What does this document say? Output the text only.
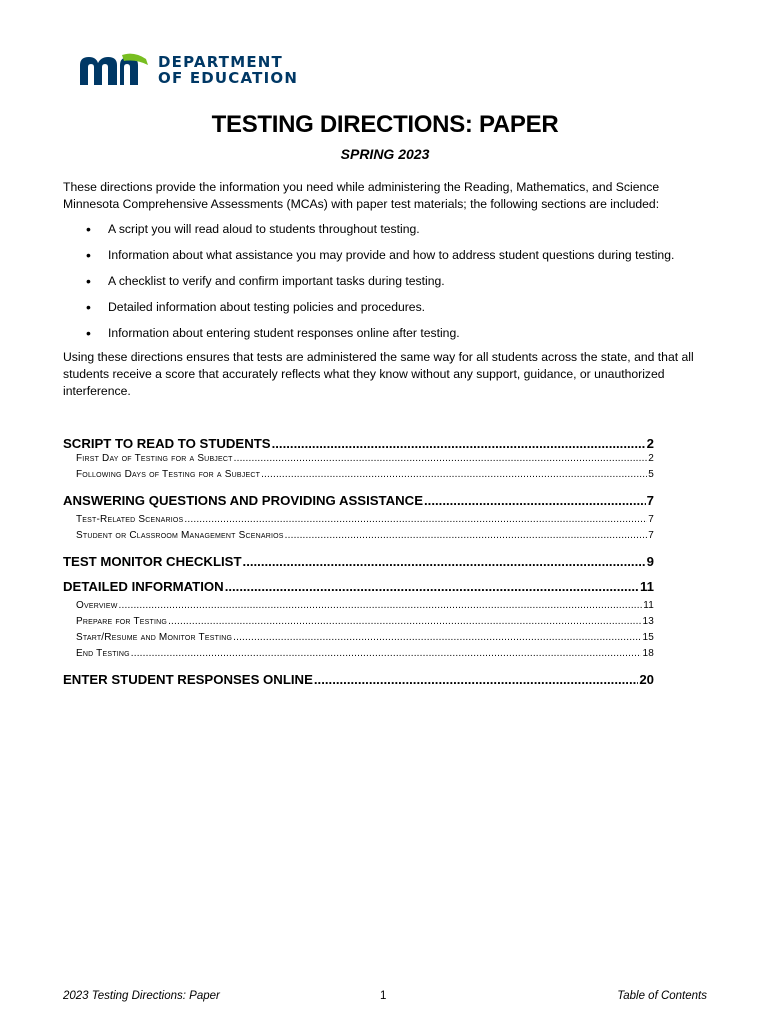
DEPARTMENT
OF EDUCATION
TESTING DIRECTIONS: PAPER
SPRING 2023
These directions provide the information you need while administering the Reading, Mathematics, and Science Minnesota Comprehensive Assessments (MCAs) with paper test materials; the following sections are included:
• A script you will read aloud to students throughout testing.
• Information about what assistance you may provide and how to address student questions during testing.
• A checklist to verify and confirm important tasks during testing.
• Detailed information about testing policies and procedures.
• Information about entering student responses online after testing.
Using these directions ensures that tests are administered the same way for all students across the state, and that all students receive a score that accurately reflects what they know without any support, guidance, or unauthorized interference.
SCRIPT TO READ TO STUDENTS .....	2
First Day of Testing for a Subject .....	2
Following Days of Testing for a Subject .....	5
ANSWERING QUESTIONS AND PROVIDING ASSISTANCE .....	7
Test-Related Scenarios .....	7
Student or Classroom Management Scenarios .....	7
TEST MONITOR CHECKLIST .....	9
DETAILED INFORMATION .....	11
Overview .....	11
Prepare for Testing .....	13
Start/Resume and Monitor Testing .....	15
End Testing .....	18
ENTER STUDENT RESPONSES ONLINE .....	20
2023 Testing Directions: Paper	1	Table of Contents
